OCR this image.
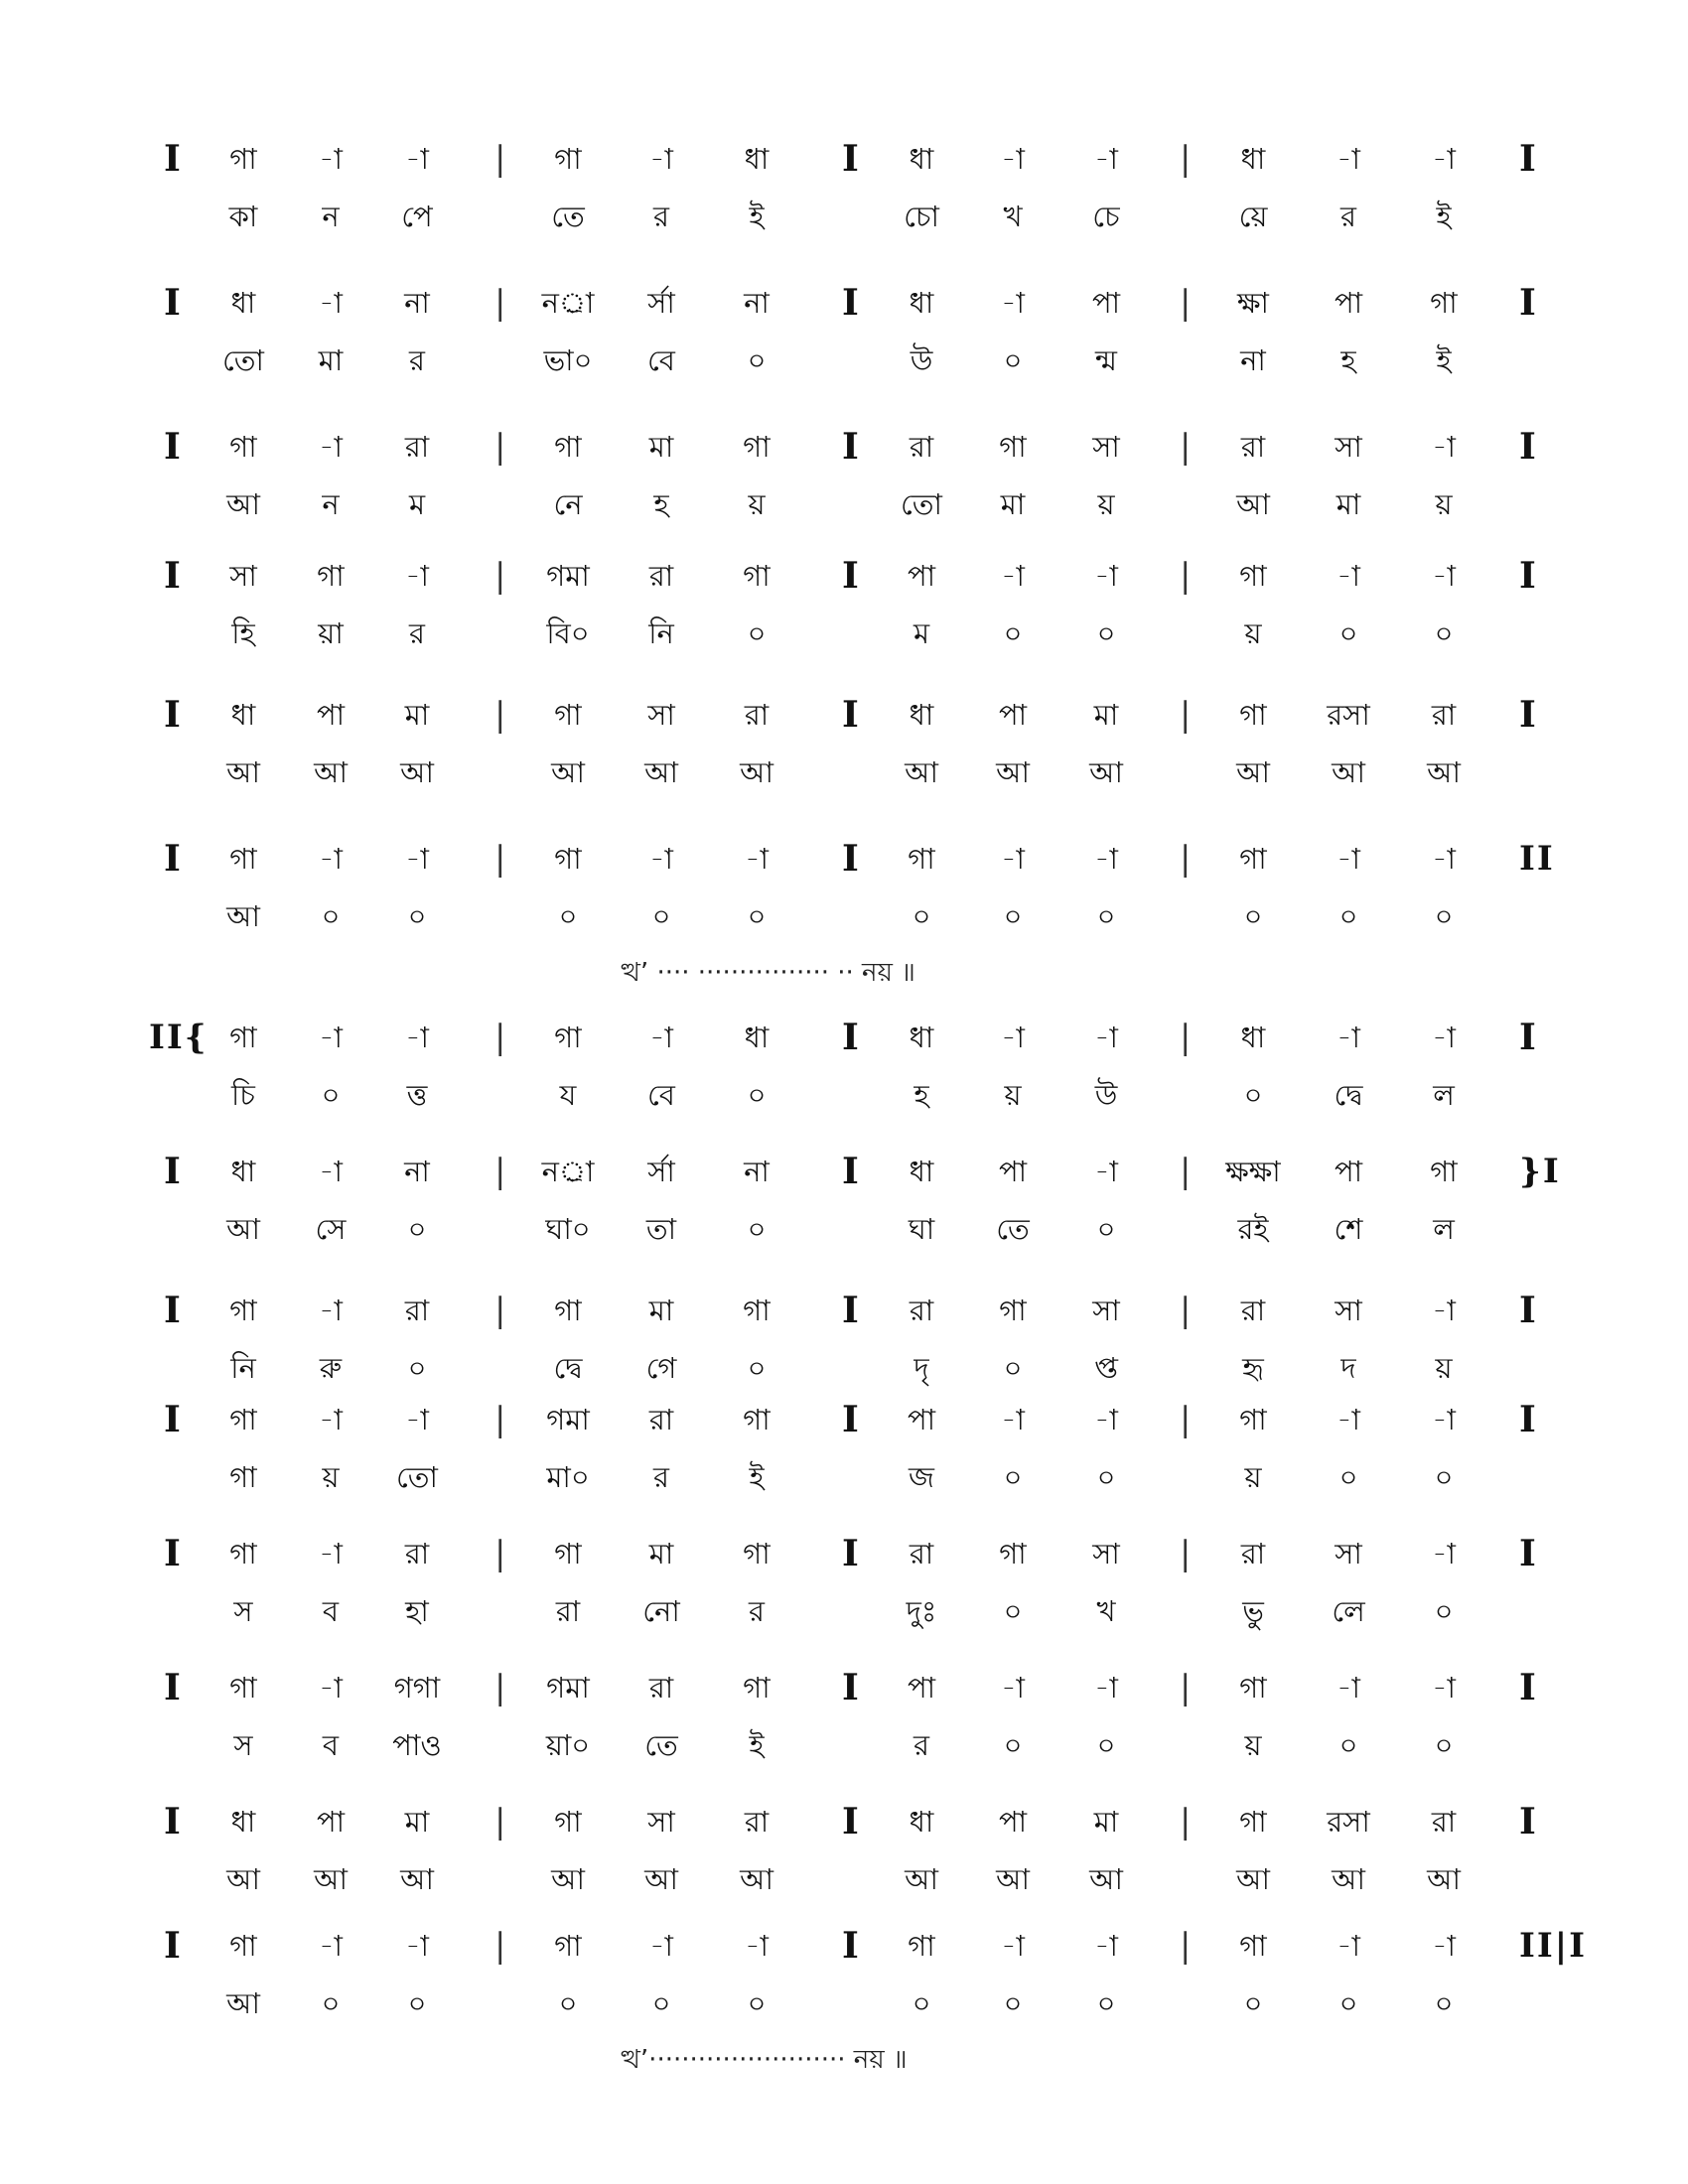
I	|	I	|	I
গা	-া	-া	গা	-া	ধা	ধা	-া	-া	ধা	-া	-া
কা	ন	পে	তে	র	ই	চো	খ	চে	য়ে	র	ই
I	|	I	|	I
ধা	-া	না	নর্া	র্সা	না	ধা	-া	পা	ক্ষা	পা	গা
তো	মা	র	ভা০	বে	০	উ	০	ন্ম	না	হ	ই
I	|	I	|	I
গা	-া	রা	গা	মা	গা	রা	গা	সা	রা	সা	-া
আ	ন	ম	নে	হ	য়	তো	মা	য়	আ	মা	য়
I	|	I	|	I
সা	গা	-া	গমা	রা	গা	পা	-া	-া	গা	-া	-া
হি	য়া	র	বি০	নি	০	ম	০	০	য়	০	০
I	|	I	|	I
ধা	পা	মা	গা	সা	রা	ধা	পা	মা	গা	রসা	রা
আ	আ	আ	আ	আ	আ	আ	আ	আ	আ	আ	আ
I	|	I	|	II
গা	-া	-া	গা	-া	-া	গা	-া	-া	গা	-া	-া
আ	০	০	০	০	০	০	০	০	০	০	০
ত্থ’ ···· ················ ·· নয় ॥
II{	|	I	|	I
গা	-া	-া	গা	-া	ধা	ধা	-া	-া	ধা	-া	-া
চি	০	ত্ত	য	বে	০	হ	য়	উ	০	দ্বে	ল
I	|	I	|	}I
ধা	-া	না	নর্া	র্সা	না	ধা	পা	-া	ক্ষক্ষা	পা	গা
আ	সে	০	ঘা০	তা	০	ঘা	তে	০	রই	শে	ল
I	|	I	|	I
গা	-া	রা	গা	মা	গা	রা	গা	সা	রা	সা	-া
নি	রু	০	দ্বে	গে	০	দৃ	০	প্ত	হৃ	দ	য়
I	|	I	|	I
গা	-া	-া	গমা	রা	গা	পা	-া	-া	গা	-া	-া
গা	য়	তো	মা০	র	ই	জ	০	০	য়	০	০
I	|	I	|	I
গা	-া	রা	গা	মা	গা	রা	গা	সা	রা	সা	-া
স	ব	হা	রা	নো	র	দুঃ	০	খ	ভু	লে	০
I	|	I	|	I
গা	-া	গগা	গমা	রা	গা	পা	-া	-া	গা	-া	-া
স	ব	পাও	য়া০	তে	ই	র	০	০	য়	০	০
I	|	I	|	I
ধা	পা	মা	গা	সা	রা	ধা	পা	মা	গা	রসা	রা
আ	আ	আ	আ	আ	আ	আ	আ	আ	আ	আ	আ
I	|	I	|	II|I
গা	-া	-া	গা	-া	-া	গা	-া	-া	গা	-া	-া
আ	০	০	০	০	০	০	০	০	০	০	০
ত্থ’························ নয় ॥
